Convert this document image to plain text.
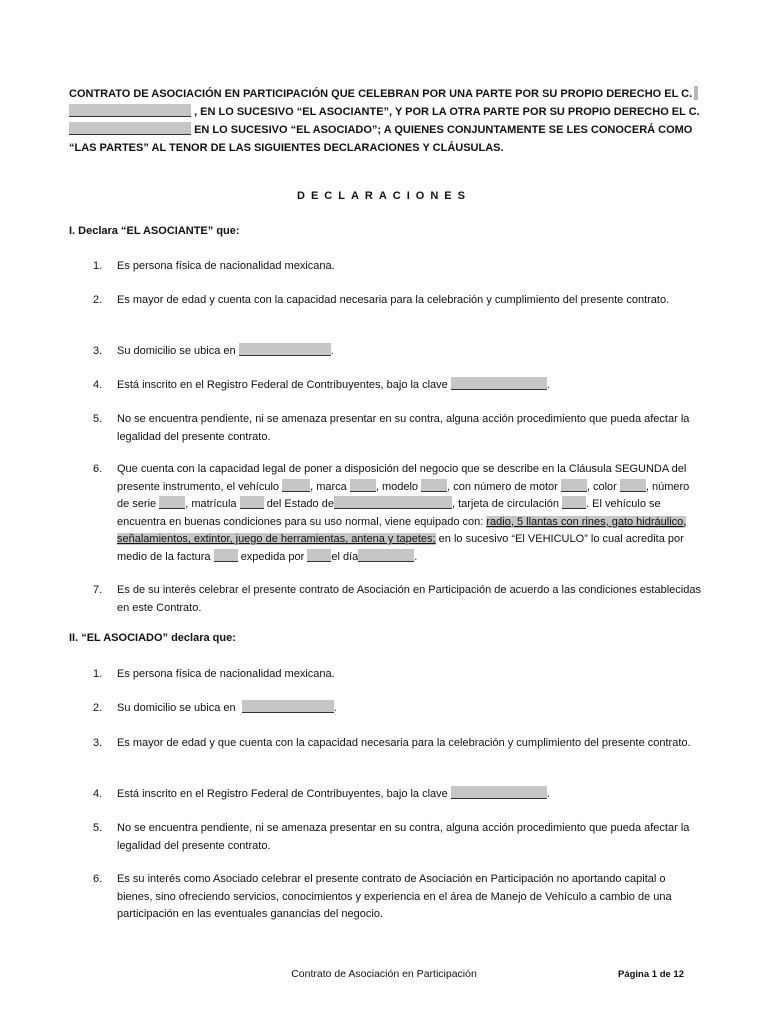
CONTRATO DE ASOCIACIÓN EN PARTICIPACIÓN QUE CELEBRAN POR UNA PARTE POR SU PROPIO DERECHO EL C.
, EN LO SUCESIVO “EL ASOCIANTE”, Y POR LA OTRA PARTE POR SU PROPIO DERECHO EL C.
EN LO SUCESIVO “EL ASOCIADO”; A QUIENES CONJUNTAMENTE SE LES CONOCERÁ COMO “LAS PARTES” AL TENOR DE LAS SIGUIENTES DECLARACIONES Y CLÁUSULAS.

DECLARACIONES

I. Declara “EL ASOCIANTE” que:

1. Es persona física de nacionalidad mexicana.
2. Es mayor de edad y cuenta con la capacidad necesaria para la celebración y cumplimiento del presente contrato.
3. Su domicilio se ubica en	.
4. Está inscrito en el Registro Federal de Contribuyentes, bajo la clave	.
5. No se encuentra pendiente, ni se amenaza presentar en su contra, alguna acción procedimiento que pueda afectar la legalidad del presente contrato.
6. Que cuenta con la capacidad legal de poner a disposición del negocio que se describe en la Cláusula SEGUNDA del presente instrumento, el vehículo	, marca	, modelo	, con número de motor	, color	, número de serie	, matrícula	del Estado de	, tarjeta de circulación . El vehículo se encuentra en buenas condiciones para su uso normal, viene equipado con: radio, 5 llantas con rines, gato hidráulico, señalamientos, extintor, juego de herramientas, antena y tapetes; en lo sucesivo “El VEHICULO” lo cual acredita por medio de la factura	expedida por el día	.
7. Es de su interés celebrar el presente contrato de Asociación en Participación de acuerdo a las condiciones establecidas en este Contrato.

II. “EL ASOCIADO” declara que:

1. Es persona física de nacionalidad mexicana.
2. Su domicilio se ubica en	.
3. Es mayor de edad y que cuenta con la capacidad necesaria para la celebración y cumplimiento del presente contrato.
4. Está inscrito en el Registro Federal de Contribuyentes, bajo la clave	.
5. No se encuentra pendiente, ni se amenaza presentar en su contra, alguna acción procedimiento que pueda afectar la legalidad del presente contrato.
6. Es su interés como Asociado celebrar el presente contrato de Asociación en Participación no aportando capital o bienes, sino ofreciendo servicios, conocimientos y experiencia en el área de Manejo de Vehículo a cambio de una participación en las eventuales ganancias del negocio.

Contrato de Asociación en Participación	Página 1 de 12
